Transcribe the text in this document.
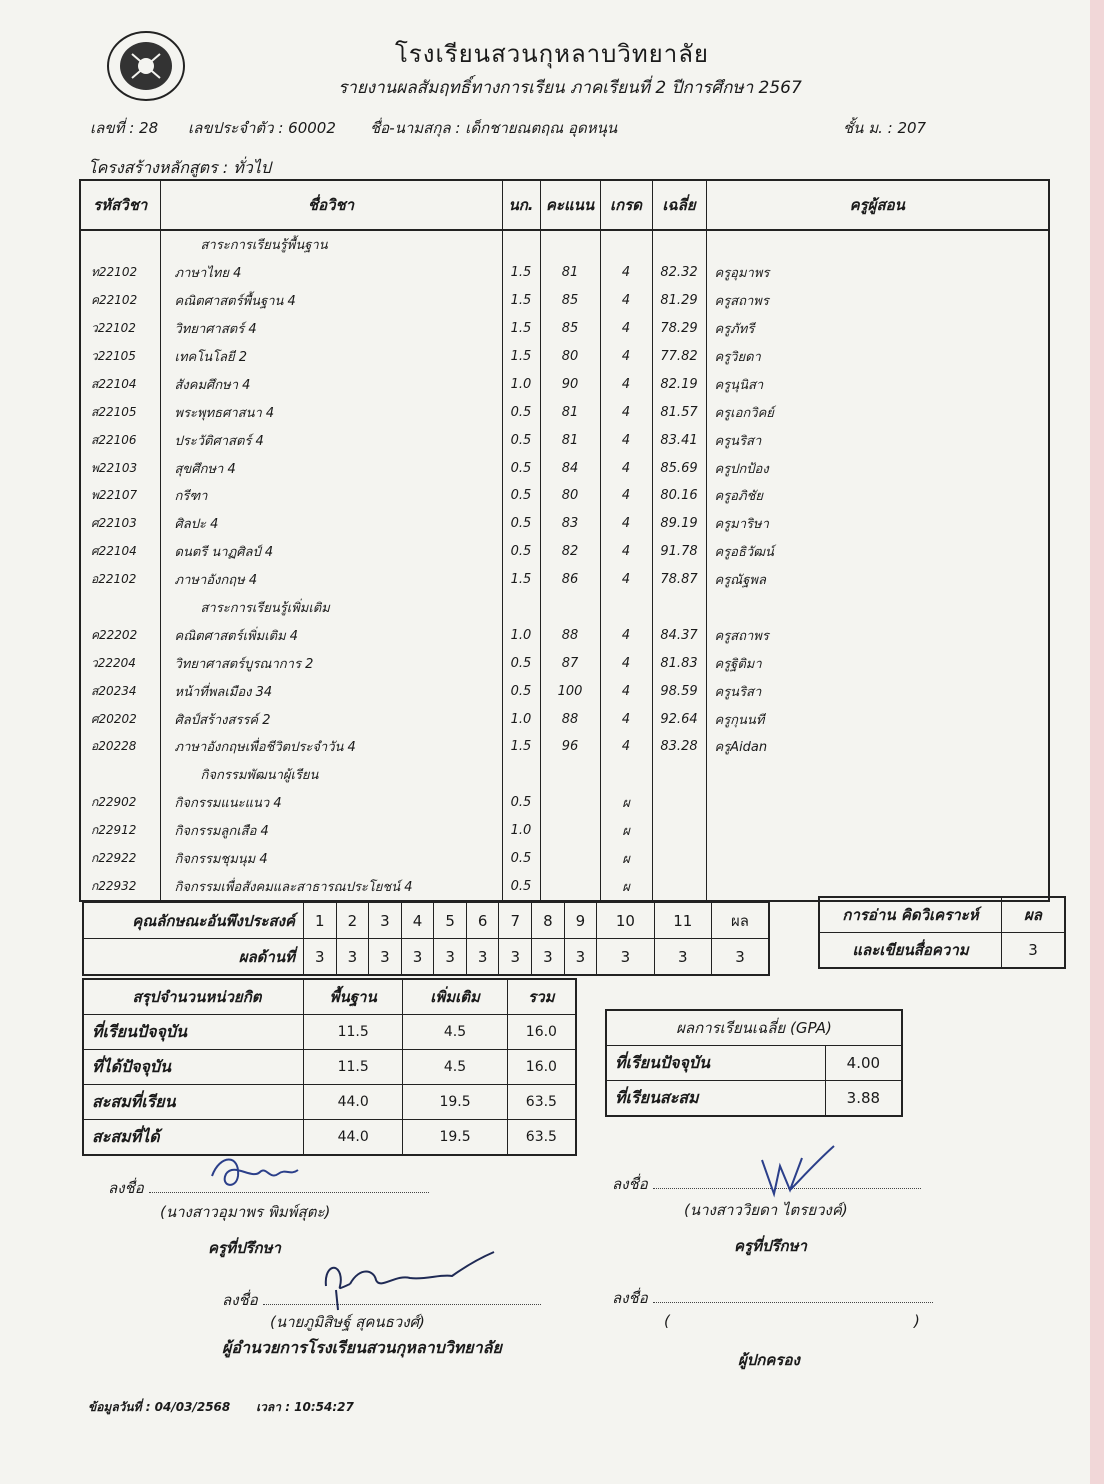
โรงเรียนสวนกุหลาบวิทยาลัย
รายงานผลสัมฤทธิ์ทางการเรียน ภาคเรียนที่ 2 ปีการศึกษา 2567
เลขที่ : 28 เลขประจำตัว : 60002 ชื่อ-นามสกุล : เด็กชายณตฤณ อุดหนุน	ชั้น ม. : 207
โครงสร้างหลักสูตร : ทั่วไป
รหัสวิชา	ชื่อวิชา	นก.	คะแนน	เกรด	เฉลี่ย	ครูผู้สอน
	สาระการเรียนรู้พื้นฐาน					
ท22102	ภาษาไทย 4	1.5	81	4	82.32	ครูอุมาพร
ค22102	คณิตศาสตร์พื้นฐาน 4	1.5	85	4	81.29	ครูสถาพร
ว22102	วิทยาศาสตร์ 4	1.5	85	4	78.29	ครูภัทรี
ว22105	เทคโนโลยี 2	1.5	80	4	77.82	ครูวิยดา
ส22104	สังคมศึกษา 4	1.0	90	4	82.19	ครูนุนิสา
ส22105	พระพุทธศาสนา 4	0.5	81	4	81.57	ครูเอกวิคย์
ส22106	ประวัติศาสตร์ 4	0.5	81	4	83.41	ครูนริสา
พ22103	สุขศึกษา 4	0.5	84	4	85.69	ครูปกป้อง
พ22107	กรีฑา	0.5	80	4	80.16	ครูอภิชัย
ศ22103	ศิลปะ 4	0.5	83	4	89.19	ครูมาริษา
ศ22104	ดนตรี นาฏศิลป์ 4	0.5	82	4	91.78	ครูอธิวัฒน์
อ22102	ภาษาอังกฤษ 4	1.5	86	4	78.87	ครูณัฐพล
	สาระการเรียนรู้เพิ่มเติม					
ค22202	คณิตศาสตร์เพิ่มเติม 4	1.0	88	4	84.37	ครูสถาพร
ว22204	วิทยาศาสตร์บูรณาการ 2	0.5	87	4	81.83	ครูฐิติมา
ส20234	หน้าที่พลเมือง 34	0.5	100	4	98.59	ครูนริสา
ศ20202	ศิลป์สร้างสรรค์ 2	1.0	88	4	92.64	ครูกุนนที
อ20228	ภาษาอังกฤษเพื่อชีวิตประจำวัน 4	1.5	96	4	83.28	ครูAidan
	กิจกรรมพัฒนาผู้เรียน					
ก22902	กิจกรรมแนะแนว 4	0.5		ผ		
ก22912	กิจกรรมลูกเสือ 4	1.0		ผ		
ก22922	กิจกรรมชุมนุม 4	0.5		ผ		
ก22932	กิจกรรมเพื่อสังคมและสาธารณประโยชน์ 4	0.5		ผ		
คุณลักษณะอันพึงประสงค์	1	2	3	4	5	6	7	8	9	10	11	ผล
ผลด้านที่	3	3	3	3	3	3	3	3	3	3	3	3
การอ่าน คิดวิเคราะห์	ผล
และเขียนสื่อความ	3
สรุปจำนวนหน่วยกิต	พื้นฐาน	เพิ่มเติม	รวม
ที่เรียนปัจจุบัน	11.5	4.5	16.0
ที่ได้ปัจจุบัน	11.5	4.5	16.0
สะสมที่เรียน	44.0	19.5	63.5
สะสมที่ได้	44.0	19.5	63.5
ผลการเรียนเฉลี่ย (GPA)	
ที่เรียนปัจจุบัน	4.00
ที่เรียนสะสม	3.88
ลงชื่อ
(นางสาวอุมาพร พิมพ์สุตะ)
ครูที่ปรึกษา
ลงชื่อ
(นางสาววิยดา ไตรยวงค์)
ครูที่ปรึกษา
ลงชื่อ
(นายภูมิสิษฐ์ สุคนธวงศ์)
ผู้อำนวยการโรงเรียนสวนกุหลาบวิทยาลัย
ลงชื่อ
(	)
ผู้ปกครอง
ข้อมูลวันที่ : 04/03/2568 เวลา : 10:54:27
